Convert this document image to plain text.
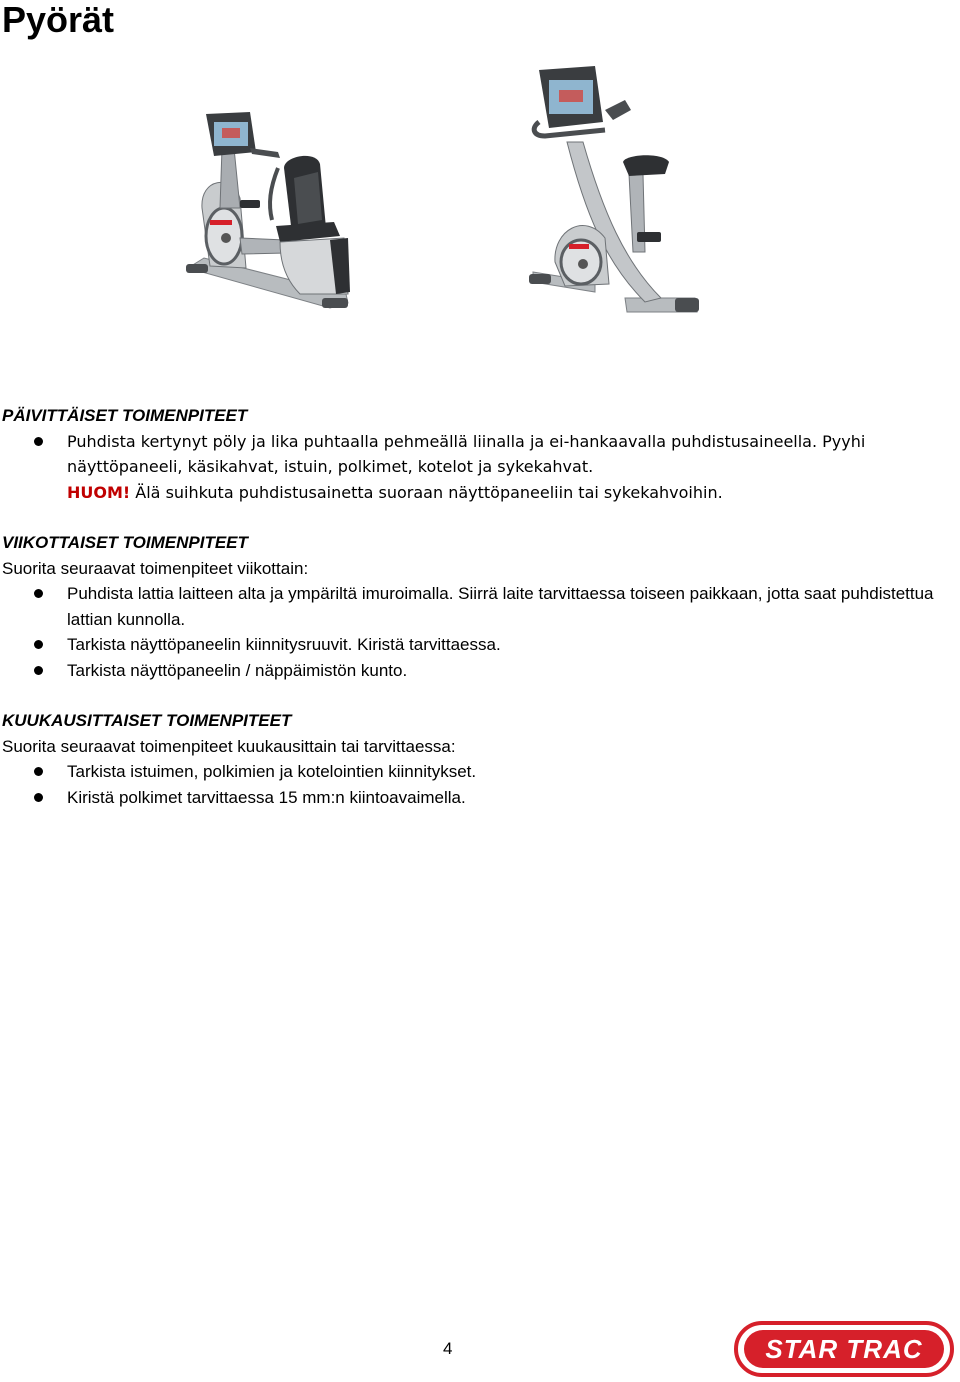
Pyörät

PÄIVITTÄISET TOIMENPITEET

Puhdista kertynyt pöly ja lika puhtaalla pehmeällä liinalla ja ei-hankaavalla puhdistusaineella. Pyyhi näyttöpaneeli, käsikahvat, istuin, polkimet, kotelot ja sykekahvat.
HUOM! Älä suihkuta puhdistusainetta suoraan näyttöpaneeliin tai sykekahvoihin.

VIIKOTTAISET TOIMENPITEET

Suorita seuraavat toimenpiteet viikottain:

Puhdista lattia laitteen alta ja ympäriltä imuroimalla. Siirrä laite tarvittaessa toiseen paikkaan, jotta saat puhdistettua lattian kunnolla.
Tarkista näyttöpaneelin kiinnitysruuvit. Kiristä tarvittaessa.
Tarkista näyttöpaneelin / näppäimistön kunto.

KUUKAUSITTAISET TOIMENPITEET

Suorita seuraavat toimenpiteet kuukausittain tai tarvittaessa:

Tarkista istuimen, polkimien ja kotelointien kiinnitykset.
Kiristä polkimet tarvittaessa 15 mm:n kiintoavaimella.
4	STAR TRAC
